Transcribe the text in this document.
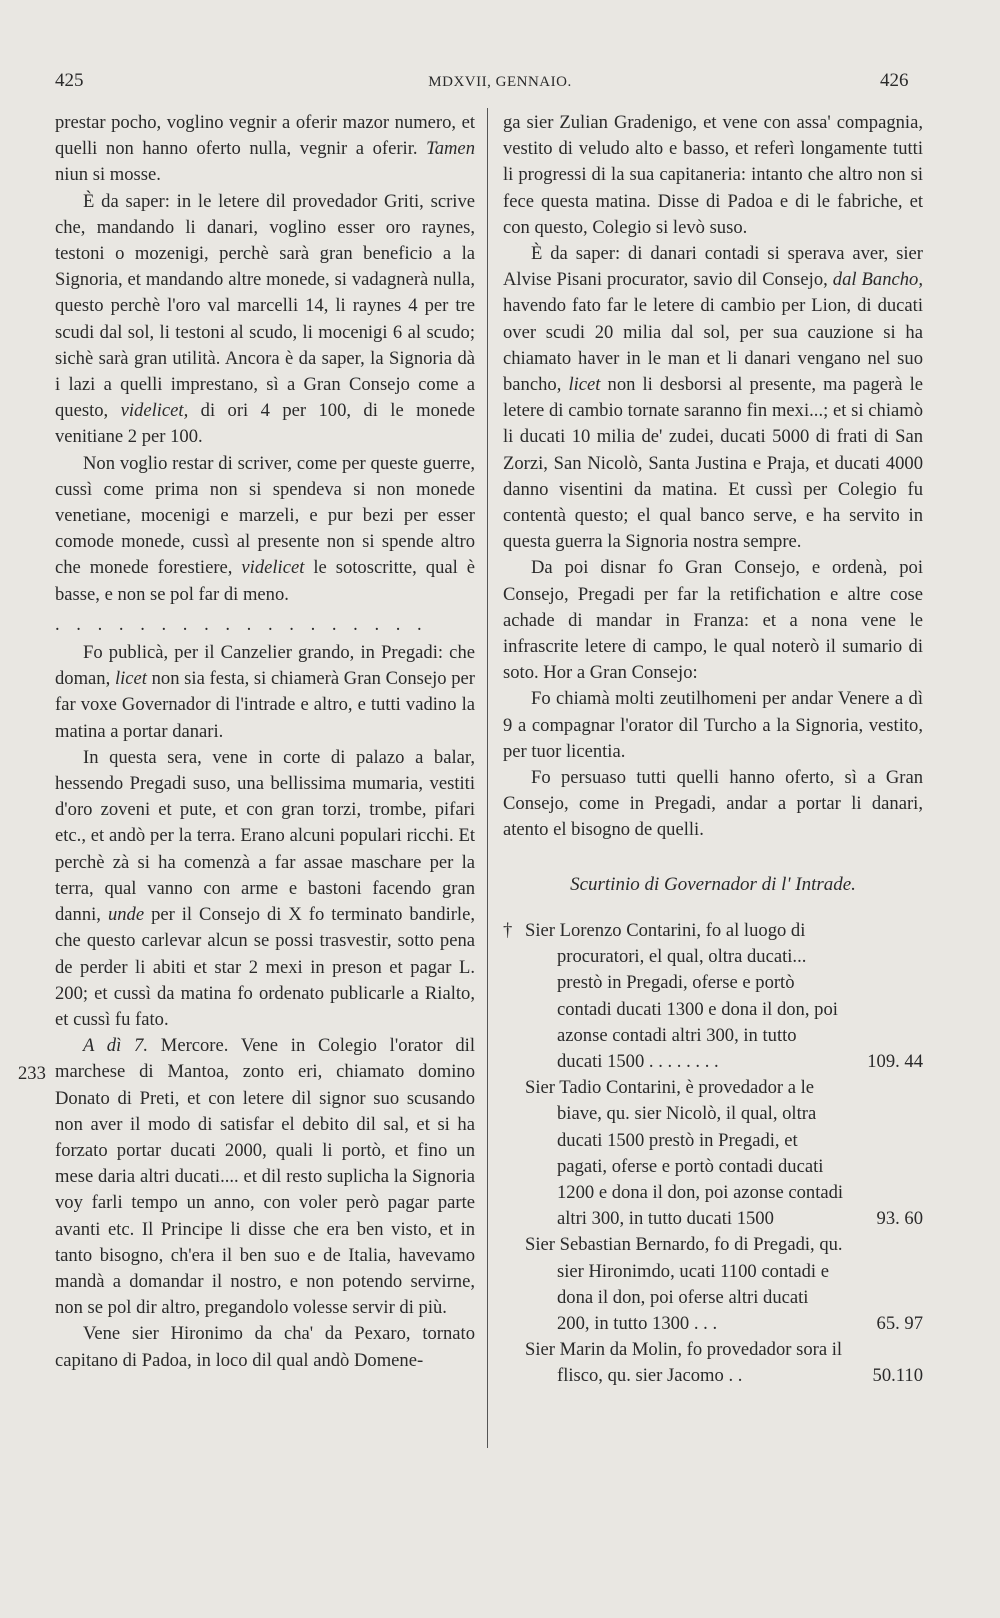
425	MDXVII, GENNAIO.	426
233

prestar pocho, voglino vegnir a oferir mazor numero, et quelli non hanno oferto nulla, vegnir a oferir. Tamen niun si mosse.

È da saper: in le letere dil provedador Griti, scrive che, mandando li danari, voglino esser oro raynes, testoni o mozenigi, perchè sarà gran beneficio a la Signoria, et mandando altre monede, si vadagnerà nulla, questo perchè l'oro val marcelli 14, li raynes 4 per tre scudi dal sol, li testoni al scudo, li mocenigi 6 al scudo; sichè sarà gran utilità. Ancora è da saper, la Signoria dà i lazi a quelli imprestano, sì a Gran Consejo come a questo, videlicet, di ori 4 per 100, di le monede venitiane 2 per 100.

Non voglio restar di scriver, come per queste guerre, cussì come prima non si spendeva si non monede venetiane, mocenigi e marzeli, e pur bezi per esser comode monede, cussì al presente non si spende altro che monede forestiere, videlicet le sotoscritte, qual è basse, e non se pol far di meno.

. . . . . . . . . . . . . . . . . .

Fo publicà, per il Canzelier grando, in Pregadi: che doman, licet non sia festa, si chiamerà Gran Consejo per far voxe Governador di l'intrade e altro, e tutti vadino la matina a portar danari.

In questa sera, vene in corte di palazo a balar, hessendo Pregadi suso, una bellissima mumaria, vestiti d'oro zoveni et pute, et con gran torzi, trombe, pifari etc., et andò per la terra. Erano alcuni populari ricchi. Et perchè zà si ha comenzà a far assae maschare per la terra, qual vanno con arme e bastoni facendo gran danni, unde per il Consejo di X fo terminato bandirle, che questo carlevar alcun se possi trasvestir, sotto pena de perder li abiti et star 2 mexi in preson et pagar L. 200; et cussì da matina fo ordenato publicarle a Rialto, et cussì fu fato.

A dì 7. Mercore. Vene in Colegio l'orator dil marchese di Mantoa, zonto eri, chiamato domino Donato di Preti, et con letere dil signor suo scusando non aver il modo di satisfar el debito dil sal, et si ha forzato portar ducati 2000, quali li portò, et fino un mese daria altri ducati.... et dil resto suplicha la Signoria voy farli tempo un anno, con voler però pagar parte avanti etc. Il Principe li disse che era ben visto, et in tanto bisogno, ch'era il ben suo e de Italia, havevamo mandà a domandar il nostro, e non potendo servirne, non se pol dir altro, pregandolo volesse servir di più.

Vene sier Hironimo da cha' da Pexaro, tornato capitano di Padoa, in loco dil qual andò Domene-

ga sier Zulian Gradenigo, et vene con assa' compagnia, vestito di veludo alto e basso, et referì longamente tutti li progressi di la sua capitaneria: intanto che altro non si fece questa matina. Disse di Padoa e di le fabriche, et con questo, Colegio si levò suso.

È da saper: di danari contadi si sperava aver, sier Alvise Pisani procurator, savio dil Consejo, dal Bancho, havendo fato far le letere di cambio per Lion, di ducati over scudi 20 milia dal sol, per sua cauzione si ha chiamato haver in le man et li danari vengano nel suo bancho, licet non li desborsi al presente, ma pagerà le letere di cambio tornate saranno fin mexi...; et si chiamò li ducati 10 milia de' zudei, ducati 5000 di frati di San Zorzi, San Nicolò, Santa Justina e Praja, et ducati 4000 danno visentini da matina. Et cussì per Colegio fu contentà questo; el qual banco serve, e ha servito in questa guerra la Signoria nostra sempre.

Da poi disnar fo Gran Consejo, e ordenà, poi Consejo, Pregadi per far la retifichation e altre cose achade di mandar in Franza: et a nona vene le infrascrite letere di campo, le qual noterò il sumario di soto. Hor a Gran Consejo:

Fo chiamà molti zeutilhomeni per andar Venere a dì 9 a compagnar l'orator dil Turcho a la Signoria, vestito, per tuor licentia.

Fo persuaso tutti quelli hanno oferto, sì a Gran Consejo, come in Pregadi, andar a portar li danari, atento el bisogno de quelli.

Scurtinio di Governador di l' Intrade.

† Sier Lorenzo Contarini, fo al luogo di procuratori, el qual, oltra ducati... prestò in Pregadi, oferse e portò contadi ducati 1300 e dona il don, poi azonse contadi altri 300, in tutto ducati 1500 . . . . . . . .	109. 44

Sier Tadio Contarini, è provedador a le biave, qu. sier Nicolò, il qual, oltra ducati 1500 prestò in Pregadi, et pagati, oferse e portò contadi ducati 1200 e dona il don, poi azonse contadi altri 300, in tutto ducati 1500	93. 60

Sier Sebastian Bernardo, fo di Pregadi, qu. sier Hironimdo, ucati 1100 contadi e dona il don, poi oferse altri ducati 200, in tutto 1300 . . .	65. 97

Sier Marin da Molin, fo provedador sora il flisco, qu. sier Jacomo . .	50.110
